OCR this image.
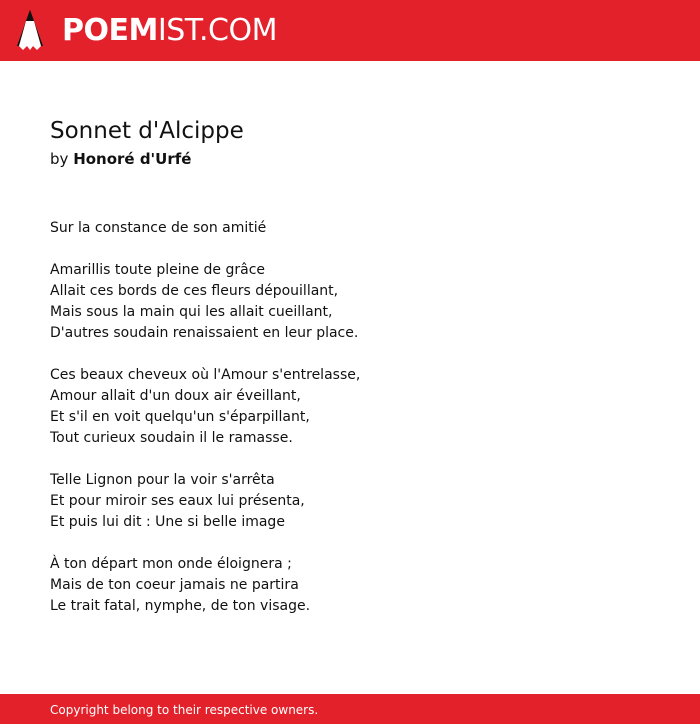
POEM IST.COM
Sonnet d'Alcippe

by Honoré d'Urfé

Sur la constance de son amitié
Amarillis toute pleine de grâce
Allait ces bords de ces fleurs dépouillant,
Mais sous la main qui les allait cueillant,
D'autres soudain renaissaient en leur place.
Ces beaux cheveux où l'Amour s'entrelasse,
Amour allait d'un doux air éveillant,
Et s'il en voit quelqu'un s'éparpillant,
Tout curieux soudain il le ramasse.
Telle Lignon pour la voir s'arrêta
Et pour miroir ses eaux lui présenta,
Et puis lui dit : Une si belle image
À ton départ mon onde éloignera ;
Mais de ton coeur jamais ne partira
Le trait fatal, nymphe, de ton visage.
Copyright belong to their respective owners.
